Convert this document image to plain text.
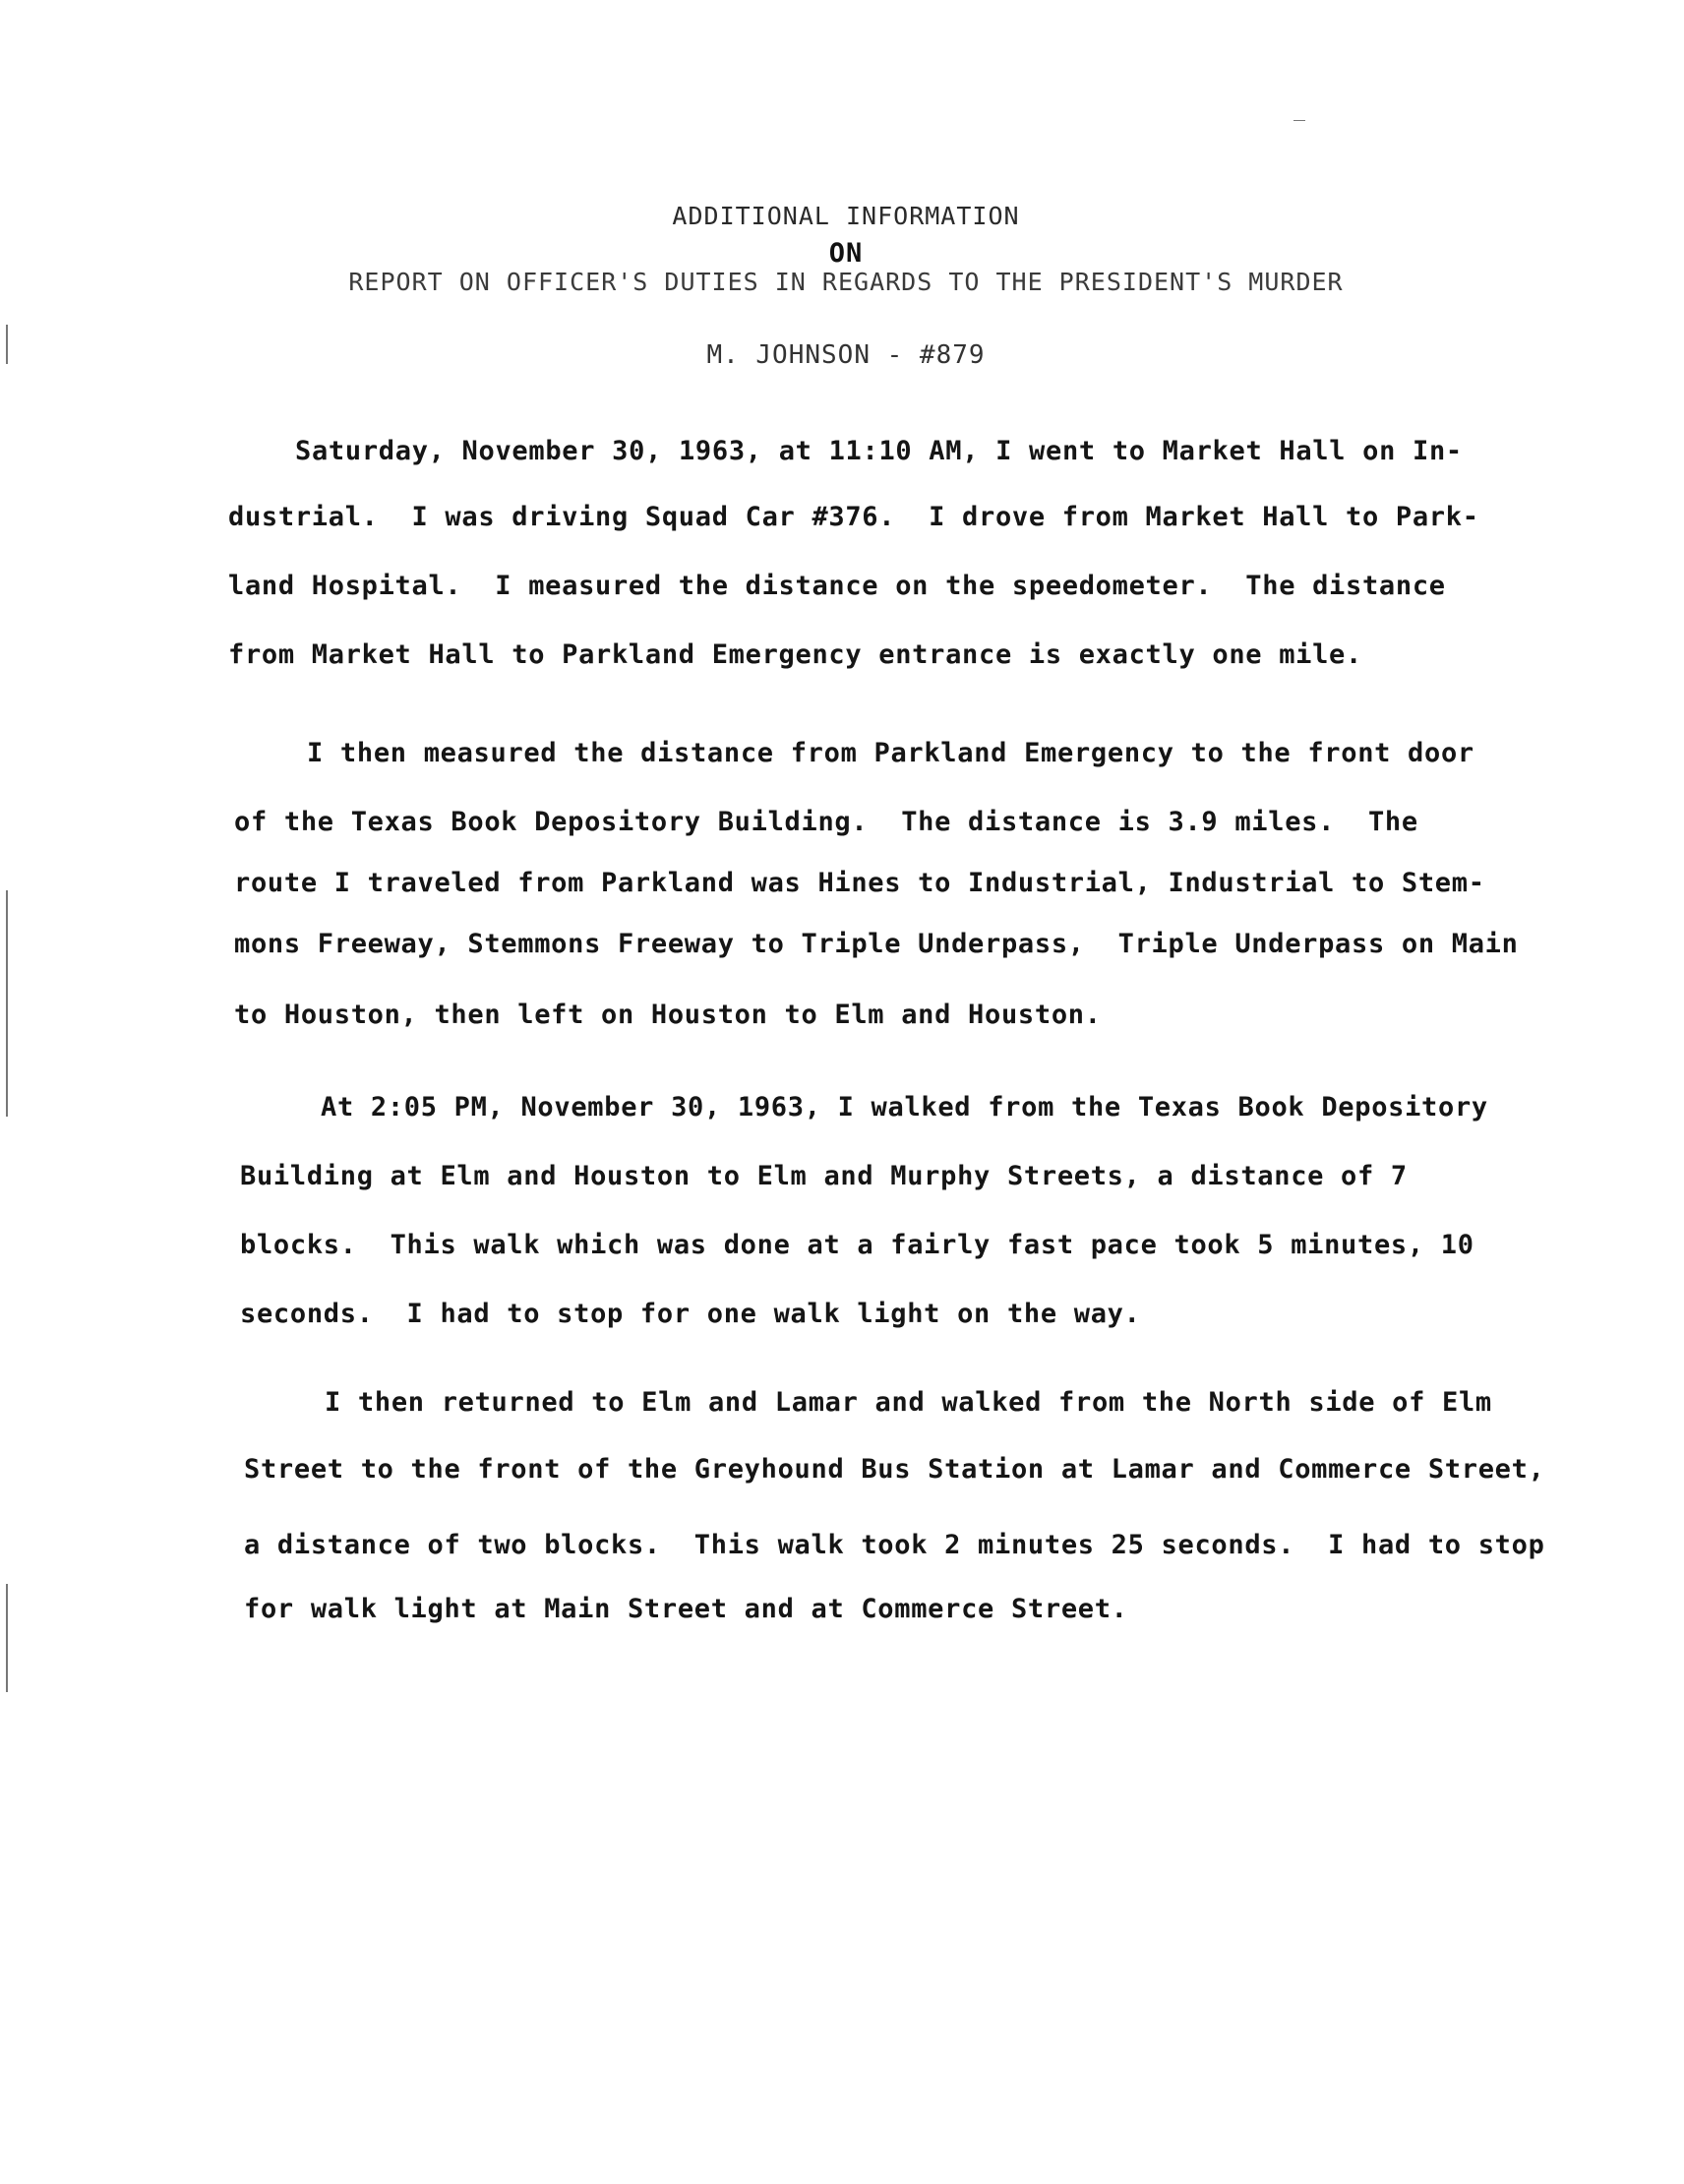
ADDITIONAL INFORMATION
ON
REPORT ON OFFICER'S DUTIES IN REGARDS TO THE PRESIDENT'S MURDER
M. JOHNSON - #879
Saturday, November 30, 1963, at 11:10 AM, I went to Market Hall on In-
dustrial.  I was driving Squad Car #376.  I drove from Market Hall to Park-
land Hospital.  I measured the distance on the speedometer.  The distance
from Market Hall to Parkland Emergency entrance is exactly one mile.
I then measured the distance from Parkland Emergency to the front door
of the Texas Book Depository Building.  The distance is 3.9 miles.  The
route I traveled from Parkland was Hines to Industrial, Industrial to Stem-
mons Freeway, Stemmons Freeway to Triple Underpass,  Triple Underpass on Main
to Houston, then left on Houston to Elm and Houston.
At 2:05 PM, November 30, 1963, I walked from the Texas Book Depository
Building at Elm and Houston to Elm and Murphy Streets, a distance of 7
blocks.  This walk which was done at a fairly fast pace took 5 minutes, 10
seconds.  I had to stop for one walk light on the way.
I then returned to Elm and Lamar and walked from the North side of Elm
Street to the front of the Greyhound Bus Station at Lamar and Commerce Street,
a distance of two blocks.  This walk took 2 minutes 25 seconds.  I had to stop
for walk light at Main Street and at Commerce Street.
